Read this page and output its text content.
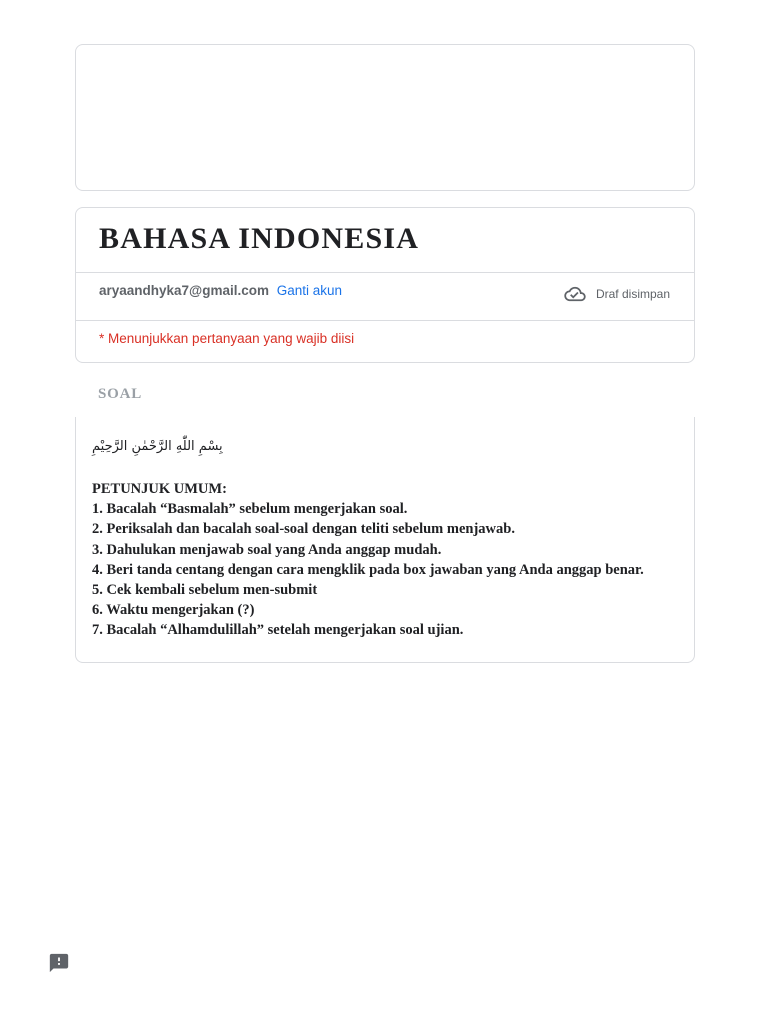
BAHASA INDONESIA
aryaandhyka7@gmail.com Ganti akun	Draf disimpan
* Menunjukkan pertanyaan yang wajib diisi
SOAL
بِسْمِ اللّٰهِ الرَّحْمٰنِ الرَّحِيْمِ
PETUNJUK UMUM:
1. Bacalah “Basmalah” sebelum mengerjakan soal.
2. Periksalah dan bacalah soal-soal dengan teliti sebelum menjawab.
3. Dahulukan menjawab soal yang Anda anggap mudah.
4. Beri tanda centang dengan cara mengklik pada box jawaban yang Anda anggap benar.
5. Cek kembali sebelum men-submit
6. Waktu mengerjakan (?)
7. Bacalah “Alhamdulillah” setelah mengerjakan soal ujian.
